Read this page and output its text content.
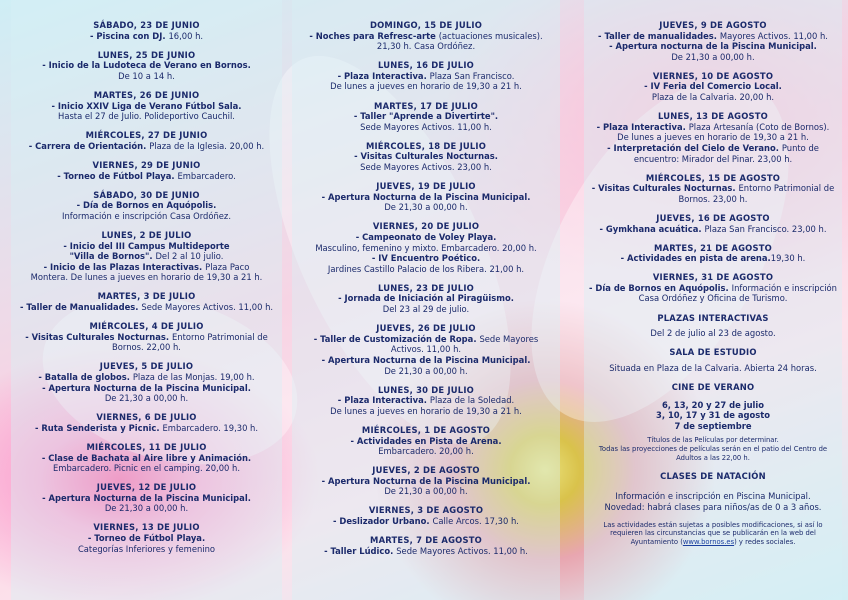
SÁBADO, 23 DE JUNIO
- Piscina con DJ. 16,00 h.
LUNES, 25 DE JUNIO
- Inicio de la Ludoteca de Verano en Bornos.
De 10 a 14 h.
MARTES, 26 DE JUNIO
- Inicio XXIV Liga de Verano Fútbol Sala.
Hasta el 27 de Julio. Polideportivo Cauchil.
MIÉRCOLES, 27 DE JUNIO
- Carrera de Orientación. Plaza de la Iglesia. 20,00 h.
VIERNES, 29 DE JUNIO
- Torneo de Fútbol Playa. Embarcadero.
SÁBADO, 30 DE JUNIO
- Día de Bornos en Aquópolis.
Información e inscripción Casa Ordóñez.
LUNES, 2 DE JULIO
- Inicio del III Campus Multideporte
"Villa de Bornos". Del 2 al 10 julio.
- Inicio de las Plazas Interactivas. Plaza Paco
Montera. De lunes a jueves en horario de 19,30 a 21 h.
MARTES, 3 DE JULIO
- Taller de Manualidades. Sede Mayores Activos. 11,00 h.
MIÉRCOLES, 4 DE JULIO
- Visitas Culturales Nocturnas. Entorno Patrimonial de
Bornos. 22,00 h.
JUEVES, 5 DE JULIO
- Batalla de globos. Plaza de las Monjas. 19,00 h.
- Apertura Nocturna de la Piscina Municipal.
De 21,30 a 00,00 h.
VIERNES, 6 DE JULIO
- Ruta Senderista y Picnic. Embarcadero. 19,30 h.
MIÉRCOLES, 11 DE JULIO
- Clase de Bachata al Aire libre y Animación.
Embarcadero. Picnic en el camping. 20,00 h.
JUEVES, 12 DE JULIO
- Apertura Nocturna de la Piscina Municipal.
De 21,30 a 00,00 h.
VIERNES, 13 DE JULIO
- Torneo de Fútbol Playa.
Categorías Inferiores y femenino
DOMINGO, 15 DE JULIO
- Noches para Refresc-arte (actuaciones musicales).
21,30 h. Casa Ordóñez.
LUNES, 16 DE JULIO
- Plaza Interactiva. Plaza San Francisco.
De lunes a jueves en horario de 19,30 a 21 h.
MARTES, 17 DE JULIO
- Taller "Aprende a Divertirte".
Sede Mayores Activos. 11,00 h.
MIÉRCOLES, 18 DE JULIO
- Visitas Culturales Nocturnas.
Sede Mayores Activos. 23,00 h.
JUEVES, 19 DE JULIO
- Apertura Nocturna de la Piscina Municipal.
De 21,30 a 00,00 h.
VIERNES, 20 DE JULIO
- Campeonato de Voley Playa.
Masculino, femenino y mixto. Embarcadero. 20,00 h.
- IV Encuentro Poético.
Jardines Castillo Palacio de los Ribera. 21,00 h.
LUNES, 23 DE JULIO
- Jornada de Iniciación al Piragüismo.
Del 23 al 29 de julio.
JUEVES, 26 DE JULIO
- Taller de Customización de Ropa. Sede Mayores
Activos. 11,00 h.
- Apertura Nocturna de la Piscina Municipal.
De 21,30 a 00,00 h.
LUNES, 30 DE JULIO
- Plaza Interactiva. Plaza de la Soledad.
De lunes a jueves en horario de 19,30 a 21 h.
MIÉRCOLES, 1 DE AGOSTO
- Actividades en Pista de Arena.
Embarcadero. 20,00 h.
JUEVES, 2 DE AGOSTO
- Apertura Nocturna de la Piscina Municipal.
De 21,30 a 00,00 h.
VIERNES, 3 DE AGOSTO
- Deslizador Urbano. Calle Arcos. 17,30 h.
MARTES, 7 DE AGOSTO
- Taller Lúdico. Sede Mayores Activos. 11,00 h.
JUEVES, 9 DE AGOSTO
- Taller de manualidades. Mayores Activos. 11,00 h.
- Apertura nocturna de la Piscina Municipal.
De 21,30 a 00,00 h.
VIERNES, 10 DE AGOSTO
- IV Feria del Comercio Local.
Plaza de la Calvaria. 20,00 h.
LUNES, 13 DE AGOSTO
- Plaza Interactiva. Plaza Artesanía (Coto de Bornos).
De lunes a jueves en horario de 19,30 a 21 h.
- Interpretación del Cielo de Verano. Punto de
encuentro: Mirador del Pinar. 23,00 h.
MIÉRCOLES, 15 DE AGOSTO
- Visitas Culturales Nocturnas. Entorno Patrimonial de
Bornos. 23,00 h.
JUEVES, 16 DE AGOSTO
- Gymkhana acuática. Plaza San Francisco. 23,00 h.
MARTES, 21 DE AGOSTO
- Actividades en pista de arena.19,30 h.
VIERNES, 31 DE AGOSTO
- Día de Bornos en Aquópolis. Información e inscripción
Casa Ordóñez y Oficina de Turismo.
PLAZAS INTERACTIVAS
Del 2 de julio al 23 de agosto.
SALA DE ESTUDIO
Situada en Plaza de la Calvaria. Abierta 24 horas.
CINE DE VERANO
6, 13, 20 y 27 de julio
3, 10, 17 y 31 de agosto
7 de septiembre
Títulos de las Películas por determinar.
Todas las proyecciones de películas serán en el patio del Centro de Adultos a las 22,00 h.
CLASES DE NATACIÓN
Información e inscripción en Piscina Municipal.
Novedad: habrá clases para niños/as de 0 a 3 años.
Las actividades están sujetas a posibles modificaciones, si así lo requieren las circunstancias que se publicarán en la web del Ayuntamiento (www.bornos.es) y redes sociales.
